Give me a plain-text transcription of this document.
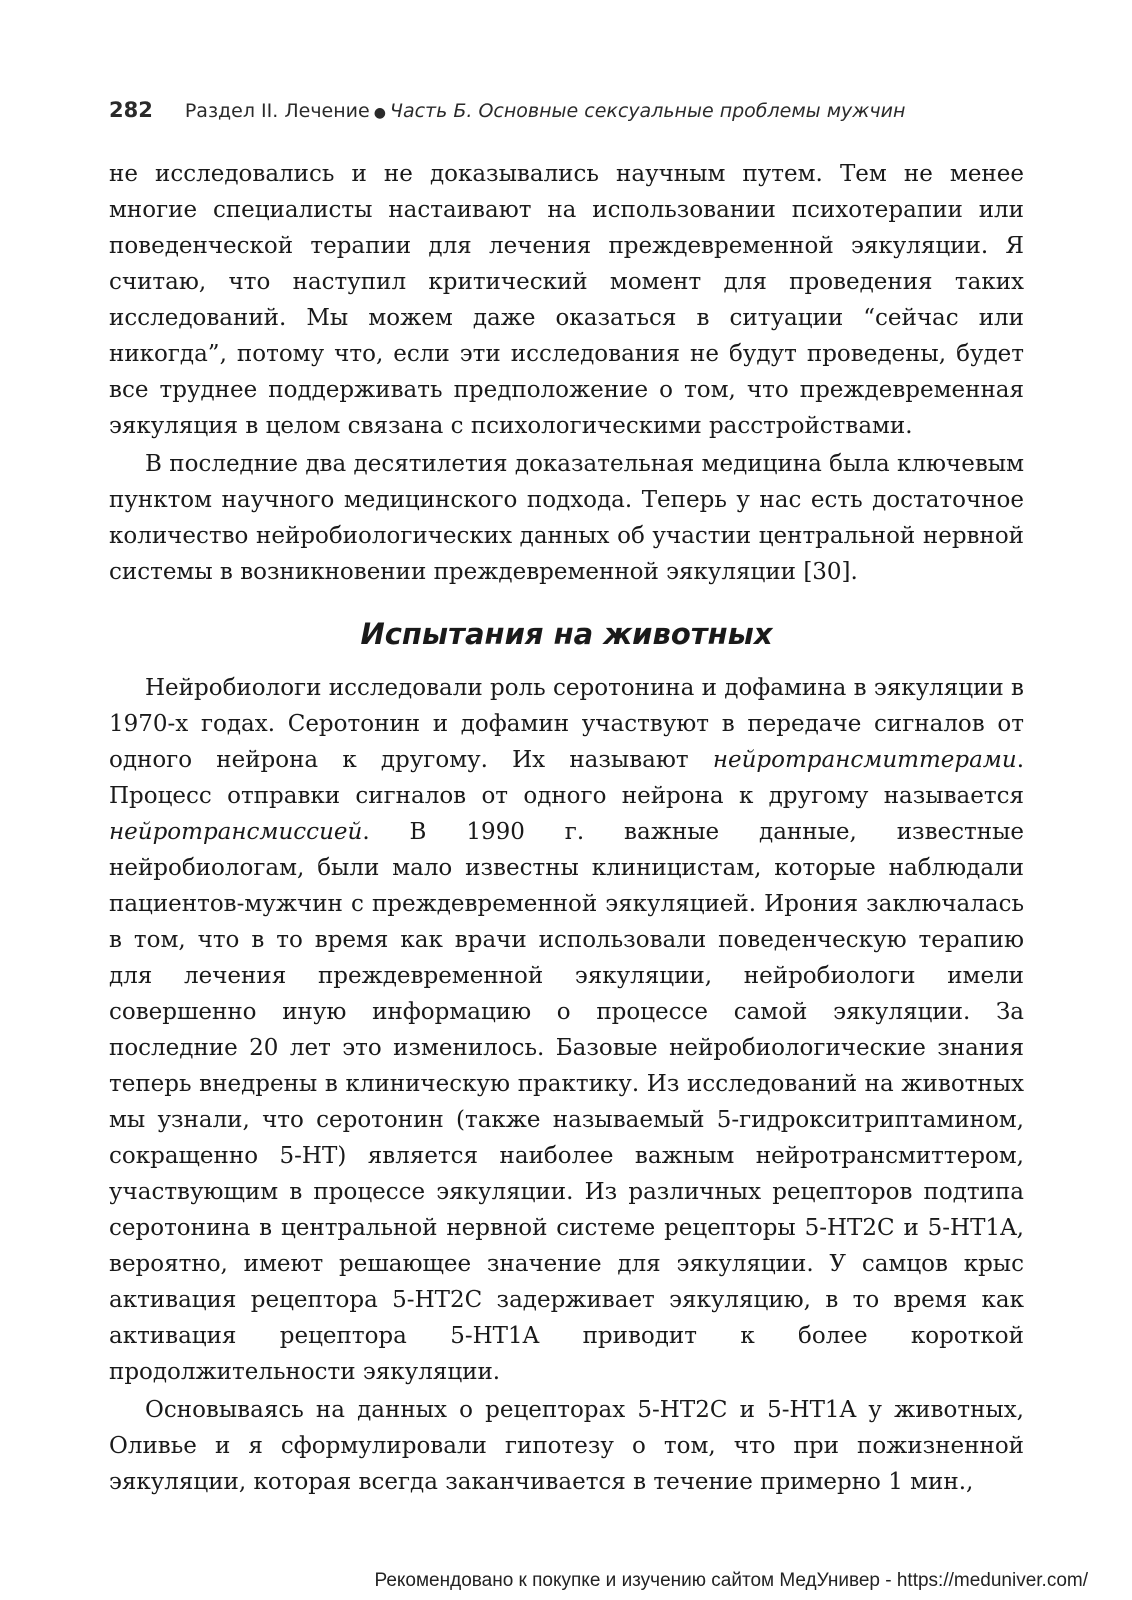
282 Раздел II. Лечение ● Часть Б. Основные сексуальные проблемы мужчин

не исследовались и не доказывались научным путем. Тем не менее многие специалисты настаивают на использовании психотерапии или поведенческой терапии для лечения преждевременной эякуляции. Я считаю, что наступил критический момент для проведения таких исследований. Мы можем даже оказаться в ситуации “сейчас или никогда”, потому что, если эти исследования не будут проведены, будет все труднее поддерживать предположение о том, что преждевременная эякуляция в целом связана с психологическими расстройствами.

В последние два десятилетия доказательная медицина была ключевым пунктом научного медицинского подхода. Теперь у нас есть достаточное количество нейробиологических данных об участии центральной нервной системы в возникновении преждевременной эякуляции [30].

Испытания на животных

Нейробиологи исследовали роль серотонина и дофамина в эякуляции в 1970-х годах. Серотонин и дофамин участвуют в передаче сигналов от одного нейрона к другому. Их называют нейротрансмиттерами. Процесс отправки сигналов от одного нейрона к другому называется нейротрансмиссией. В 1990 г. важные данные, известные нейробиологам, были мало известны клиницистам, которые наблюдали пациентов-мужчин с преждевременной эякуляцией. Ирония заключалась в том, что в то время как врачи использовали поведенческую терапию для лечения преждевременной эякуляции, нейробиологи имели совершенно иную информацию о процессе самой эякуляции. За последние 20 лет это изменилось. Базовые нейробиологические знания теперь внедрены в клиническую практику. Из исследований на животных мы узнали, что серотонин (также называемый 5-гидрокситриптамином, сокращенно 5-HT) является наиболее важным нейротрансмиттером, участвующим в процессе эякуляции. Из различных рецепторов подтипа серотонина в центральной нервной системе рецепторы 5-HT2C и 5-HT1A, вероятно, имеют решающее значение для эякуляции. У самцов крыс активация рецептора 5-HT2C задерживает эякуляцию, в то время как активация рецептора 5-HT1A приводит к более короткой продолжительности эякуляции.

Основываясь на данных о рецепторах 5-HT2C и 5-HT1A у животных, Оливье и я сформулировали гипотезу о том, что при пожизненной эякуляции, которая всегда заканчивается в течение примерно 1 мин.,

Рекомендовано к покупке и изучению сайтом МедУнивер - https://meduniver.com/
